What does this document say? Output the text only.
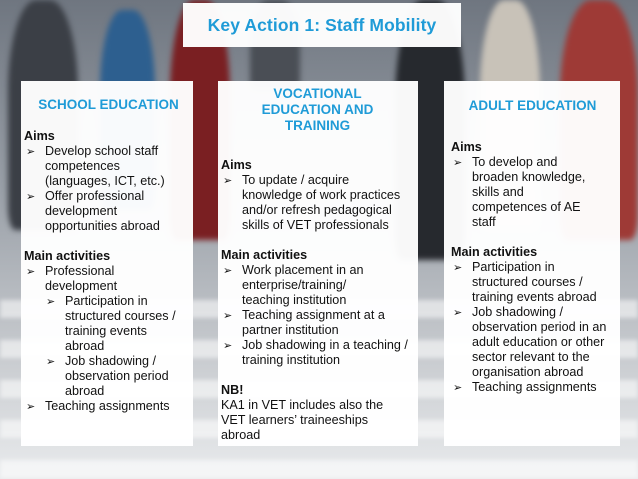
Key Action 1: Staff Mobility
SCHOOL EDUCATION
Aims
➢ Develop school staff competences (languages, ICT, etc.)
➢ Offer professional development opportunities abroad
Main activities
➢ Professional development
➢ Participation in structured courses / training events abroad
➢ Job shadowing / observation period abroad
➢ Teaching assignments
VOCATIONAL EDUCATION AND TRAINING
Aims
➢ To update / acquire knowledge of work practices and/or refresh pedagogical skills of VET professionals
Main activities
➢ Work placement in an enterprise/training/ teaching institution
➢ Teaching assignment at a partner institution
➢ Job shadowing in a teaching / training institution
NB!
KA1 in VET includes also the VET learners’ traineeships abroad
ADULT EDUCATION
Aims
➢ To develop and broaden knowledge, skills and competences of AE staff
Main activities
➢ Participation in structured courses / training events abroad
➢ Job shadowing / observation period in an adult education or other sector relevant to the organisation abroad
➢ Teaching assignments
